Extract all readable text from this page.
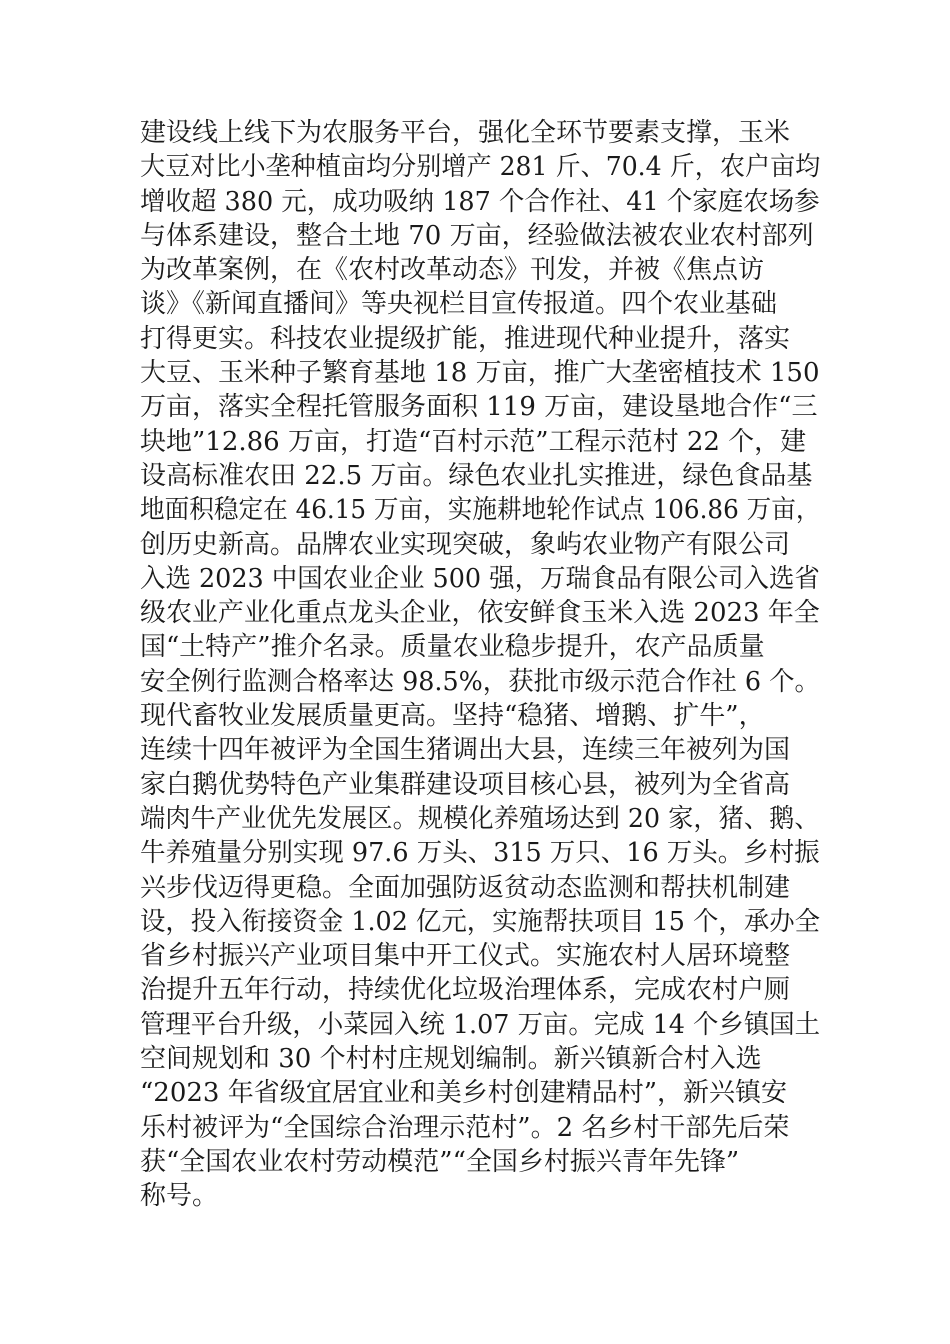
建设线上线下为农服务平台，强化全环节要素支撑，玉米
大豆对比小垄种植亩均分别增产 281 斤、70.4 斤，农户亩均
增收超 380 元，成功吸纳 187 个合作社、41 个家庭农场参
与体系建设，整合土地 70 万亩，经验做法被农业农村部列
为改革案例，在《农村改革动态》刊发，并被《焦点访
谈》《新闻直播间》等央视栏目宣传报道。四个农业基础
打得更实。科技农业提级扩能，推进现代种业提升，落实
大豆、玉米种子繁育基地 18 万亩，推广大垄密植技术 150
万亩，落实全程托管服务面积 119 万亩，建设垦地合作“三
块地”12.86 万亩，打造“百村示范”工程示范村 22 个，建
设高标准农田 22.5 万亩。绿色农业扎实推进，绿色食品基
地面积稳定在 46.15 万亩，实施耕地轮作试点 106.86 万亩，
创历史新高。品牌农业实现突破，象屿农业物产有限公司
入选 2023 中国农业企业 500 强，万瑞食品有限公司入选省
级农业产业化重点龙头企业，依安鲜食玉米入选 2023 年全
国“土特产”推介名录。质量农业稳步提升，农产品质量
安全例行监测合格率达 98.5%，获批市级示范合作社 6 个。
现代畜牧业发展质量更高。坚持“稳猪、增鹅、扩牛”，
连续十四年被评为全国生猪调出大县，连续三年被列为国
家白鹅优势特色产业集群建设项目核心县，被列为全省高
端肉牛产业优先发展区。规模化养殖场达到 20 家，猪、鹅、
牛养殖量分别实现 97.6 万头、315 万只、16 万头。乡村振
兴步伐迈得更稳。全面加强防返贫动态监测和帮扶机制建
设，投入衔接资金 1.02 亿元，实施帮扶项目 15 个，承办全
省乡村振兴产业项目集中开工仪式。实施农村人居环境整
治提升五年行动，持续优化垃圾治理体系，完成农村户厕
管理平台升级，小菜园入统 1.07 万亩。完成 14 个乡镇国土
空间规划和 30 个村村庄规划编制。新兴镇新合村入选
“2023 年省级宜居宜业和美乡村创建精品村”，新兴镇安
乐村被评为“全国综合治理示范村”。2 名乡村干部先后荣
获“全国农业农村劳动模范”“全国乡村振兴青年先锋”
称号。
